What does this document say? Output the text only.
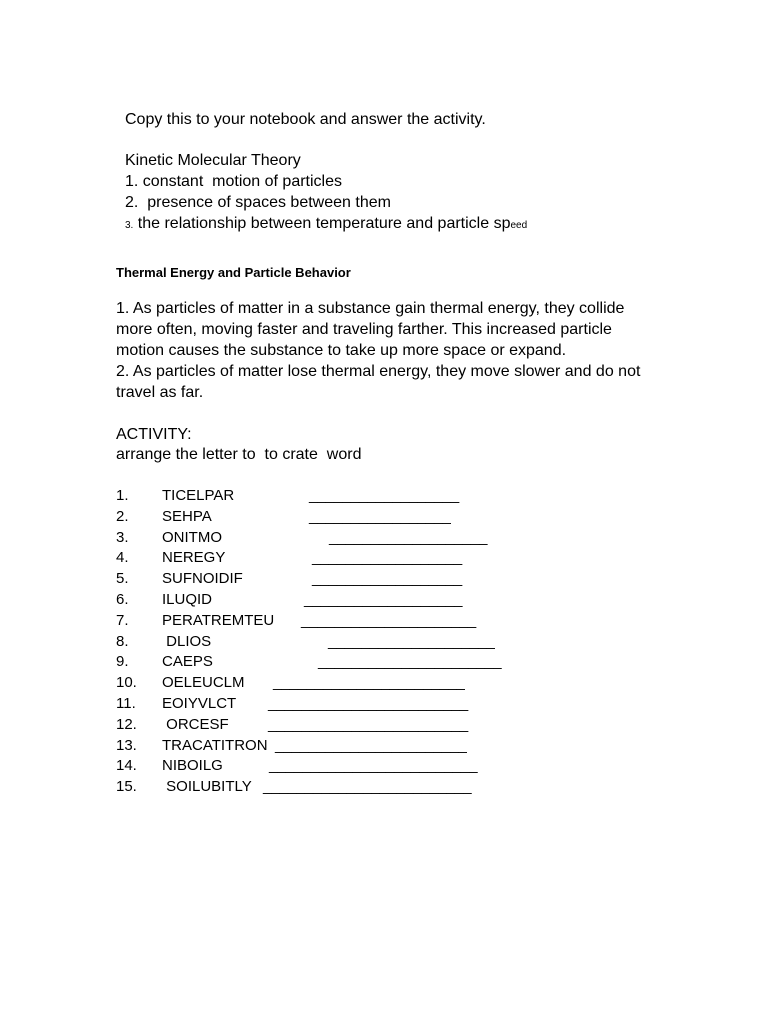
Copy this to your notebook and answer the activity.
Kinetic Molecular Theory
1. constant  motion of particles
2.  presence of spaces between them
3. the relationship between temperature and particle speed
Thermal Energy and Particle Behavior

1. As particles of matter in a substance gain thermal energy, they collide more often, moving faster and traveling farther. This increased particle motion causes the substance to take up more space or expand.

2. As particles of matter lose thermal energy, they move slower and do not travel as far.

ACTIVITY:
arrange the letter to  to crate  word
1. TICELPAR	__________________
2. SEHPA	_________________
3. ONITMO	___________________
4. NEREGY	__________________
5. SUFNOIDIF	__________________
6. ILUQID	___________________
7. PERATREMTEU _____________________
8. DLIOS	____________________
9. CAEPS	______________________
10. OELEUCLM _______________________
11. EOIYVLCT ________________________
12. ORCESF	________________________
13. TRACATITRON _______________________
14. NIBOILG	_________________________
15. SOILUBITLY _________________________
